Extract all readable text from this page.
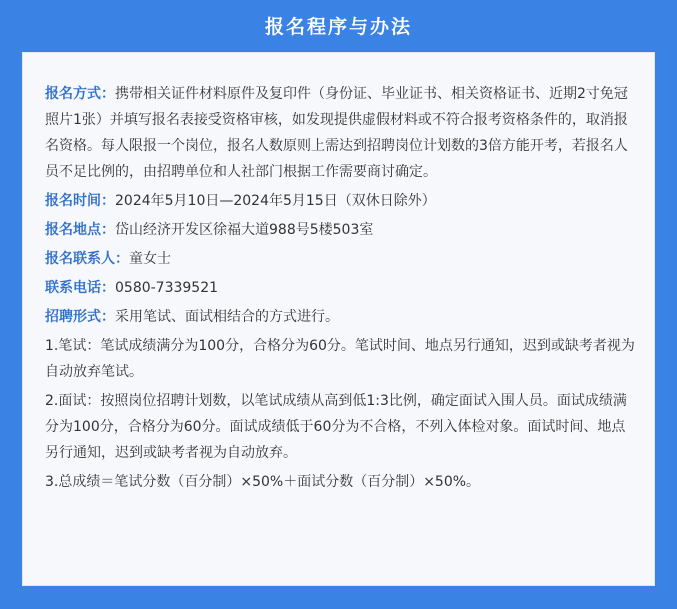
报名程序与办法

报名方式：携带相关证件材料原件及复印件（身份证、毕业证书、相关资格证书、近期2寸免冠照片1张）并填写报名表接受资格审核，如发现提供虚假材料或不符合报考资格条件的，取消报名资格。每人限报一个岗位，报名人数原则上需达到招聘岗位计划数的3倍方能开考，若报名人员不足比例的，由招聘单位和人社部门根据工作需要商讨确定。

报名时间：2024年5月10日—2024年5月15日（双休日除外）

报名地点：岱山经济开发区徐福大道988号5楼503室

报名联系人：童女士

联系电话：0580-7339521

招聘形式：采用笔试、面试相结合的方式进行。

1.笔试：笔试成绩满分为100分，合格分为60分。笔试时间、地点另行通知，迟到或缺考者视为自动放弃笔试。

2.面试：按照岗位招聘计划数，以笔试成绩从高到低1:3比例，确定面试入围人员。面试成绩满分为100分，合格分为60分。面试成绩低于60分为不合格，不列入体检对象。面试时间、地点另行通知，迟到或缺考者视为自动放弃。

3.总成绩＝笔试分数（百分制）×50%＋面试分数（百分制）×50%。
